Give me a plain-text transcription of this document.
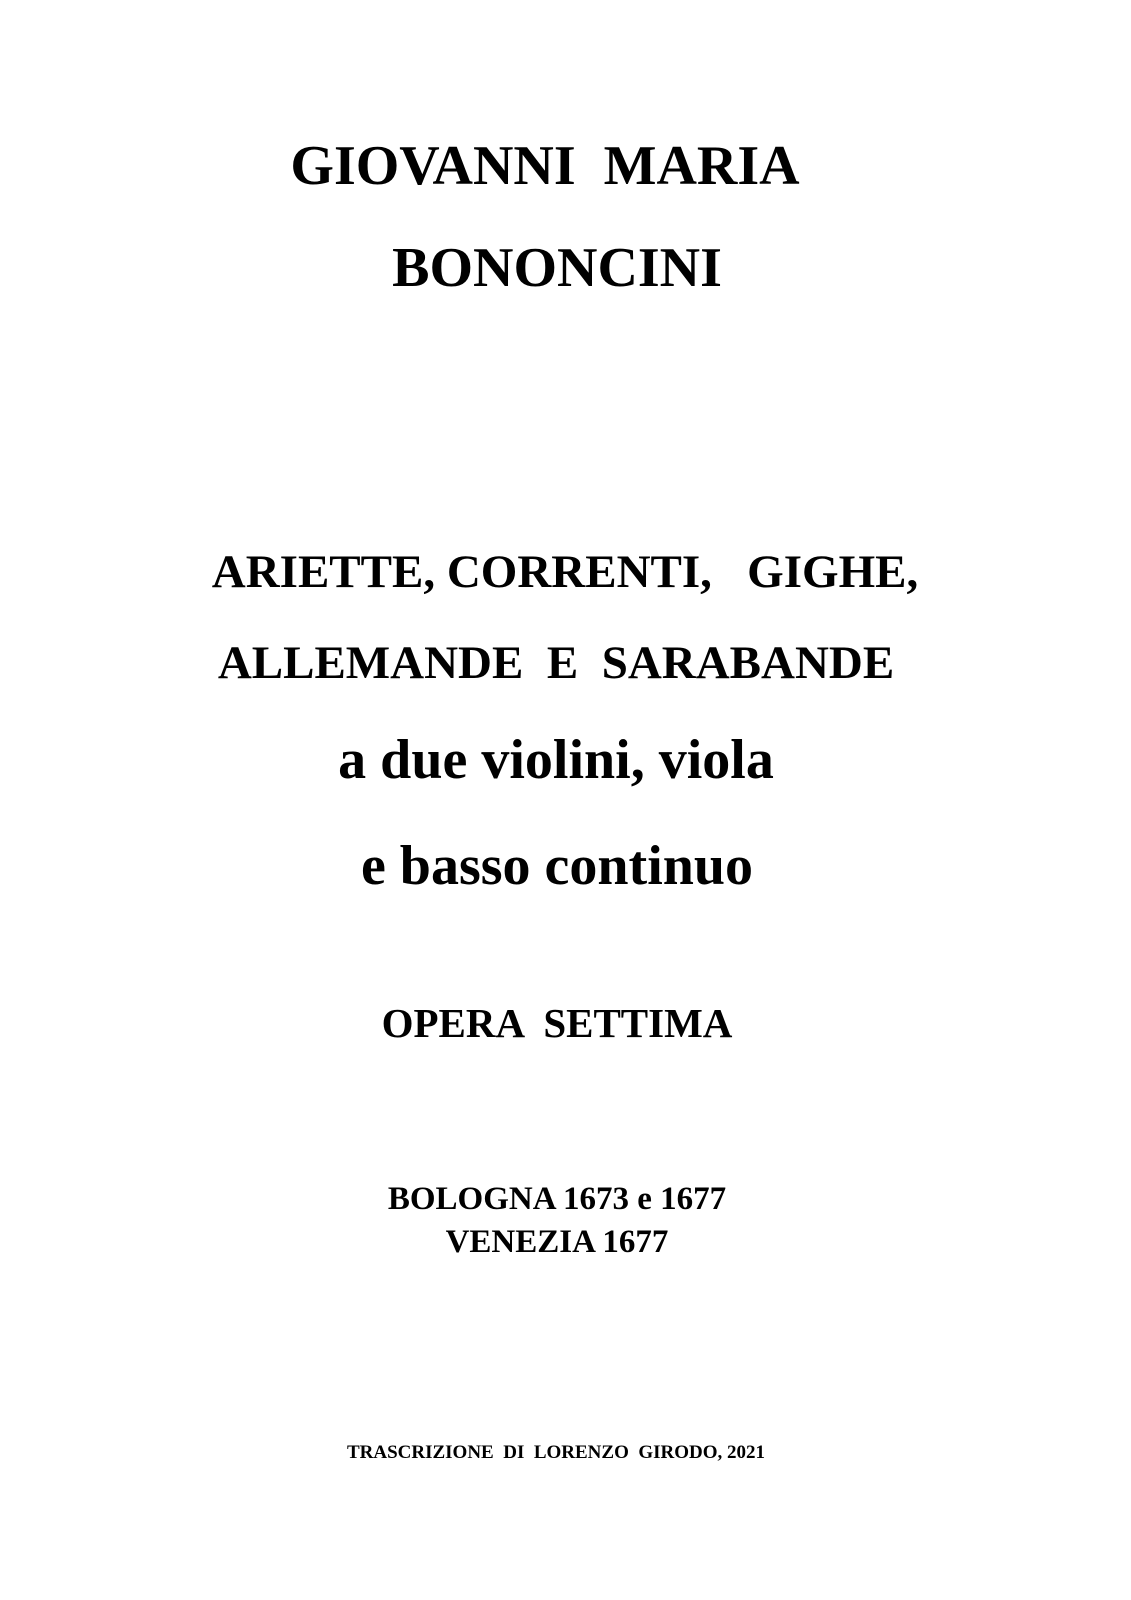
GIOVANNI  MARIA
BONONCINI
ARIETTE, CORRENTI,   GIGHE,
ALLEMANDE  E  SARABANDE
a due violini, viola
e basso continuo
OPERA  SETTIMA
BOLOGNA 1673 e 1677
VENEZIA 1677
TRASCRIZIONE  DI  LORENZO  GIRODO, 2021
